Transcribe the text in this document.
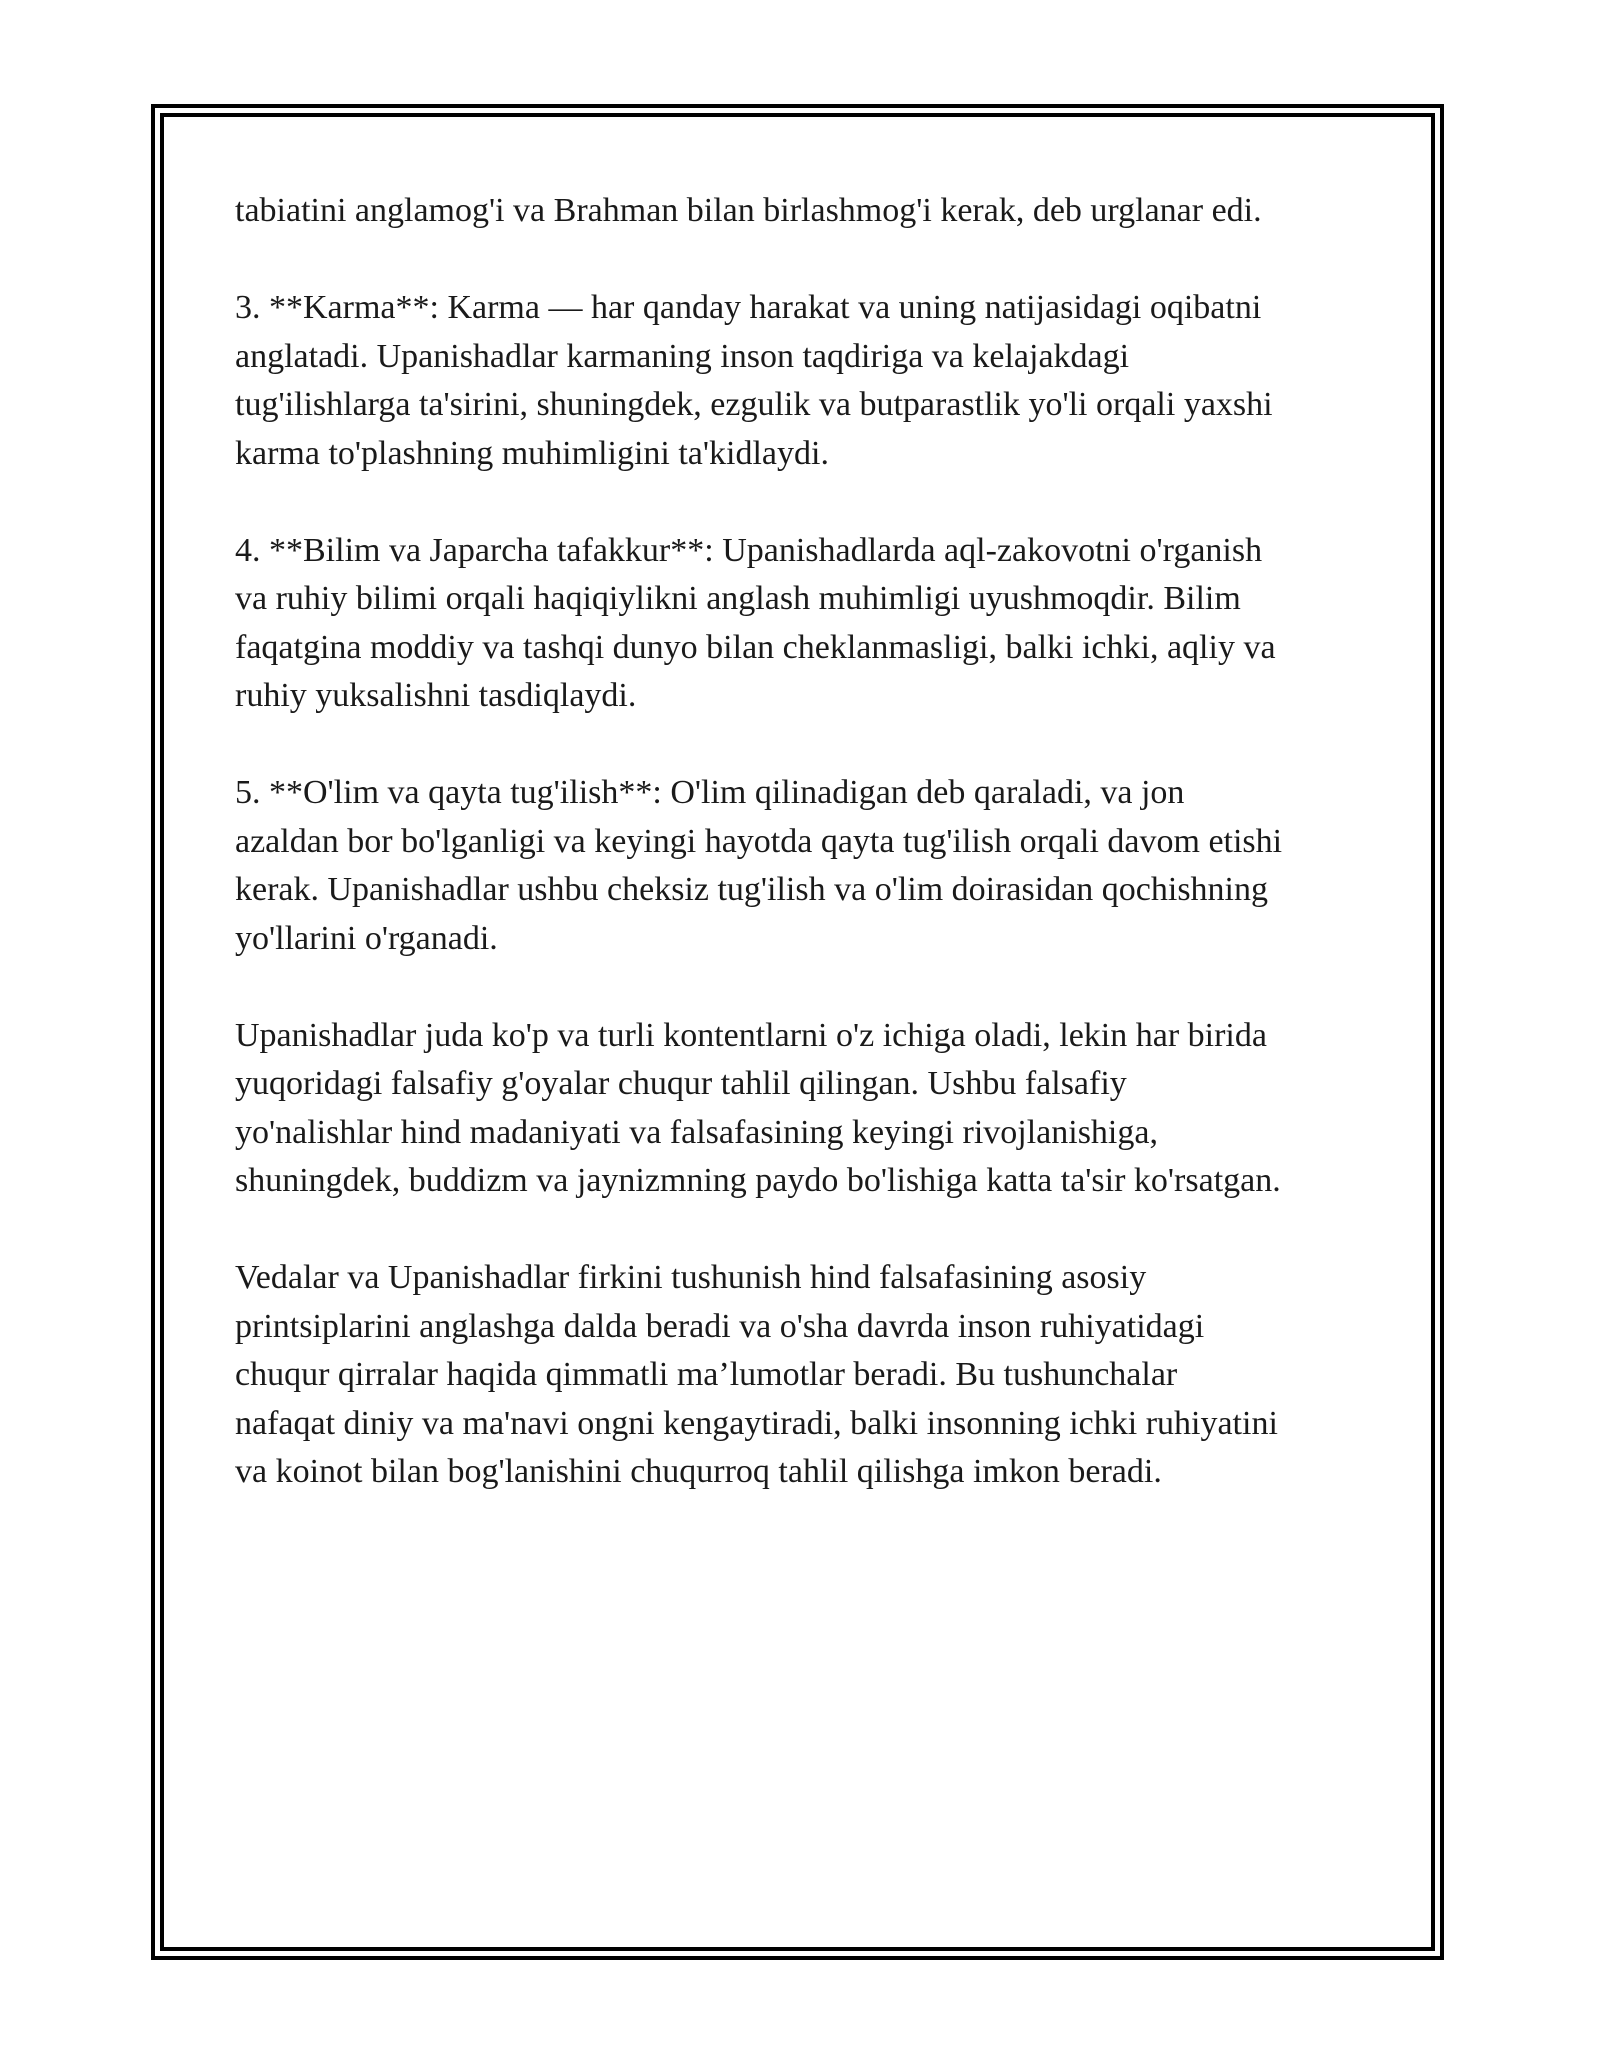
tabiatini anglamog'i va Brahman bilan birlashmog'i kerak, deb urglanar edi.

3. **Karma**: Karma — har qanday harakat va uning natijasidagi oqibatni
anglatadi. Upanishadlar karmaning inson taqdiriga va kelajakdagi
tug'ilishlarga ta'sirini, shuningdek, ezgulik va butparastlik yo'li orqali yaxshi
karma to'plashning muhimligini ta'kidlaydi.

4. **Bilim va Japarcha tafakkur**: Upanishadlarda aql-zakovotni o'rganish
va ruhiy bilimi orqali haqiqiylikni anglash muhimligi uyushmoqdir. Bilim
faqatgina moddiy va tashqi dunyo bilan cheklanmasligi, balki ichki, aqliy va
ruhiy yuksalishni tasdiqlaydi.

5. **O'lim va qayta tug'ilish**: O'lim qilinadigan deb qaraladi, va jon
azaldan bor bo'lganligi va keyingi hayotda qayta tug'ilish orqali davom etishi
kerak. Upanishadlar ushbu cheksiz tug'ilish va o'lim doirasidan qochishning
yo'llarini o'rganadi.

Upanishadlar juda ko'p va turli kontentlarni o'z ichiga oladi, lekin har birida
yuqoridagi falsafiy g'oyalar chuqur tahlil qilingan. Ushbu falsafiy
yo'nalishlar hind madaniyati va falsafasining keyingi rivojlanishiga,
shuningdek, buddizm va jaynizmning paydo bo'lishiga katta ta'sir ko'rsatgan.

Vedalar va Upanishadlar firkini tushunish hind falsafasining asosiy
printsiplarini anglashga dalda beradi va o'sha davrda inson ruhiyatidagi
chuqur qirralar haqida qimmatli ma’lumotlar beradi. Bu tushunchalar
nafaqat diniy va ma'navi ongni kengaytiradi, balki insonning ichki ruhiyatini
va koinot bilan bog'lanishini chuqurroq tahlil qilishga imkon beradi.
